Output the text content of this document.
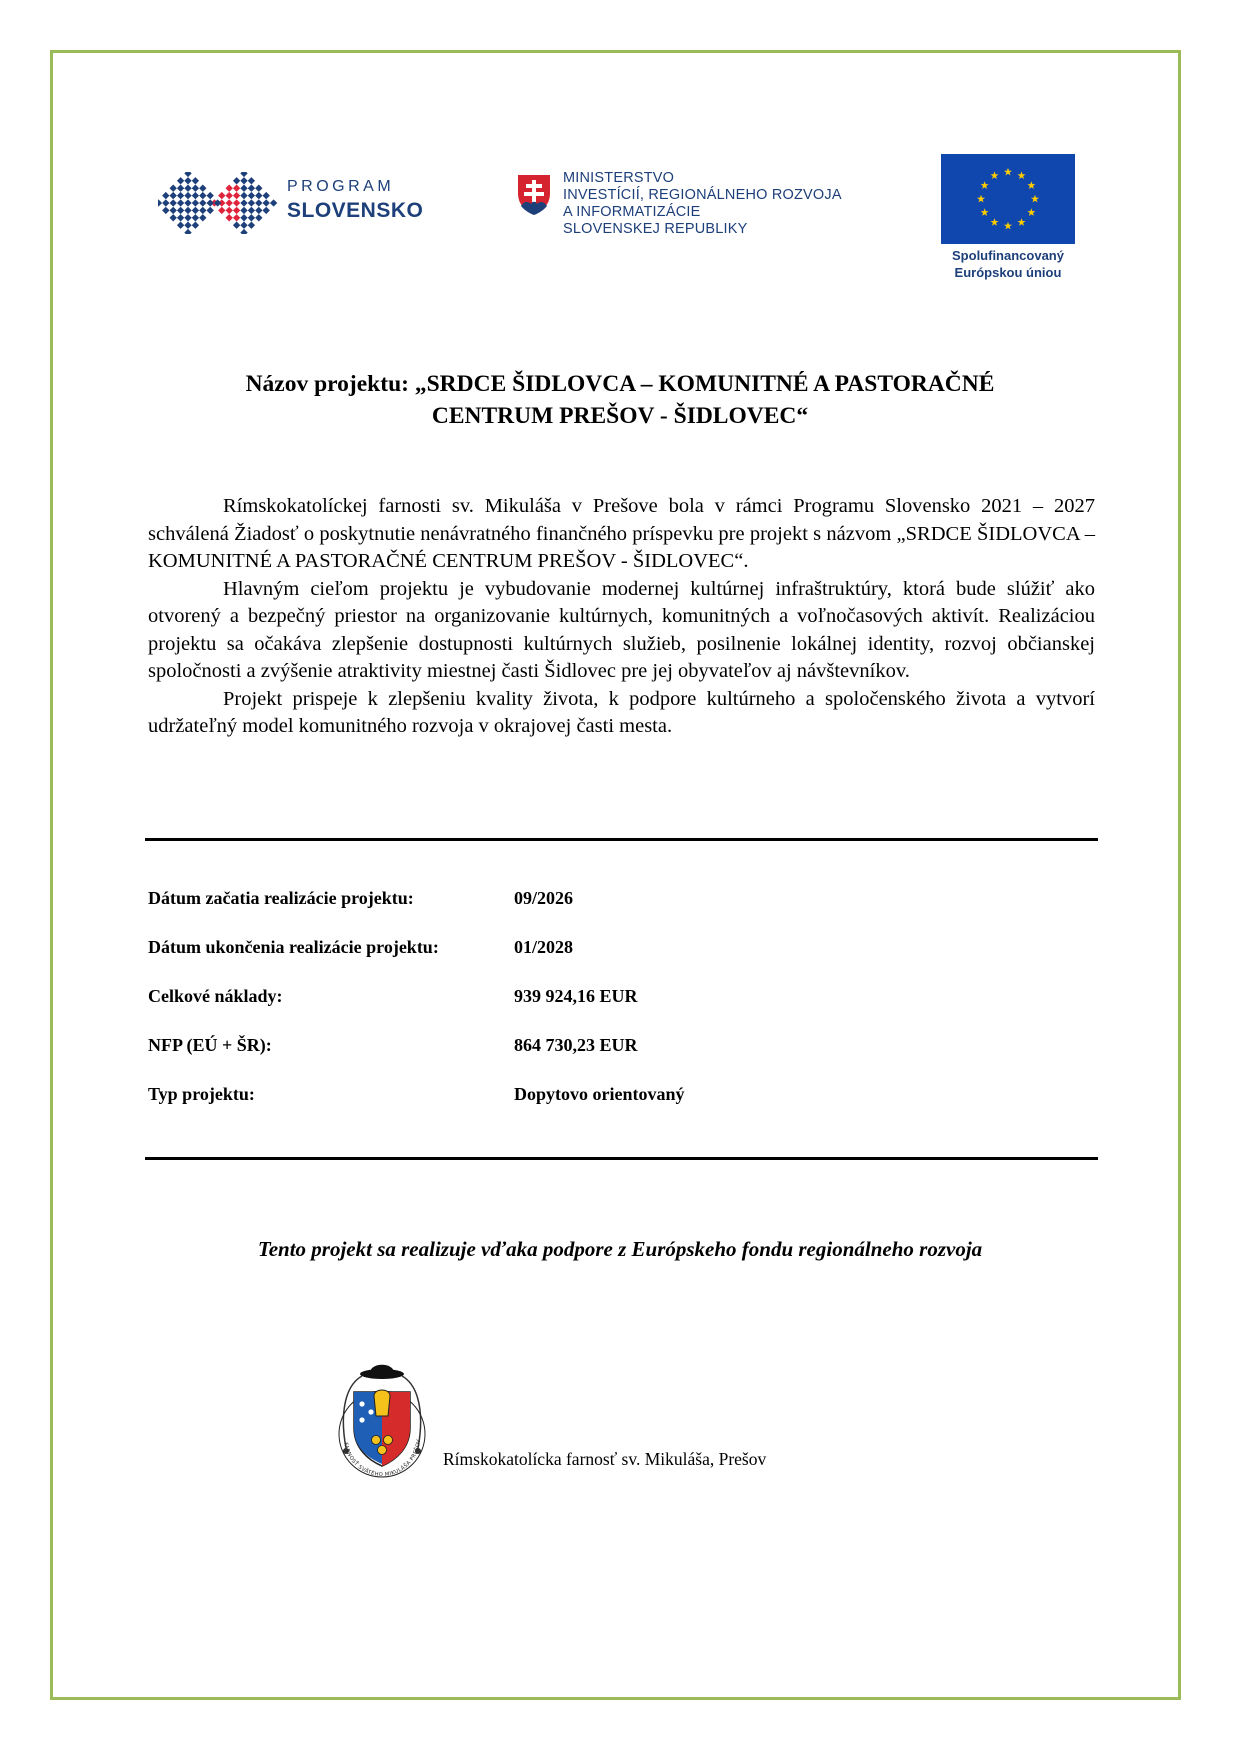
PROGRAM
SLOVENSKO
MINISTERSTVO
INVESTÍCIÍ, REGIONÁLNEHO ROZVOJA
A INFORMATIZÁCIE
SLOVENSKEJ REPUBLIKY
Spolufinancovaný
Európskou úniou
Názov projektu: „SRDCE ŠIDLOVCA – KOMUNITNÉ A PASTORAČNÉ
CENTRUM PREŠOV - ŠIDLOVEC“

Rímskokatolíckej farnosti sv. Mikuláša v Prešove bola v rámci Programu Slovensko 2021 – 2027 schválená Žiadosť o poskytnutie nenávratného finančného príspevku pre projekt s názvom „SRDCE ŠIDLOVCA – KOMUNITNÉ A PASTORAČNÉ CENTRUM PREŠOV - ŠIDLOVEC“.

Hlavným cieľom projektu je vybudovanie modernej kultúrnej infraštruktúry, ktorá bude slúžiť ako otvorený a bezpečný priestor na organizovanie kultúrnych, komunitných a voľnočasových aktivít. Realizáciou projektu sa očakáva zlepšenie dostupnosti kultúrnych služieb, posilnenie lokálnej identity, rozvoj občianskej spoločnosti a zvýšenie atraktivity miestnej časti Šidlovec pre jej obyvateľov aj návštevníkov.

Projekt prispeje k zlepšeniu kvality života, k podpore kultúrneho a spoločenského života a vytvorí udržateľný model komunitného rozvoja v okrajovej časti mesta.

Dátum začatia realizácie projektu:	09/2026
Dátum ukončenia realizácie projektu:	01/2028
Celkové náklady:	939 924,16 EUR
NFP (EÚ + ŠR):	864 730,23 EUR
Typ projektu:	Dopytovo orientovaný
Tento projekt sa realizuje vďaka podpore z Európskeho fondu regionálneho rozvoja
FARNOSŤ SVÄTÉHO MIKULÁŠA PREŠOV
Rímskokatolícka farnosť sv. Mikuláša, Prešov
